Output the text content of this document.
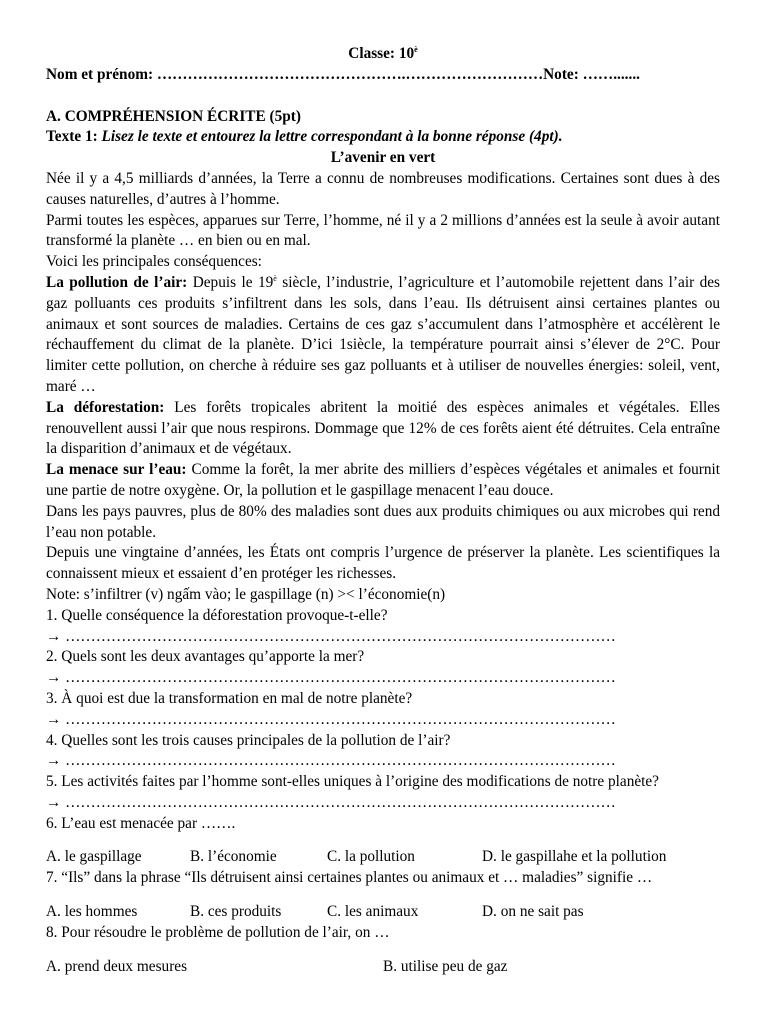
Classe: $10^è$
Nom et prénom: ………………………………………….………………………Note: …….......
A. COMPRÉHENSION ÉCRITE (5pt)
Texte 1: Lisez le texte et entourez la lettre correspondant à la bonne réponse (4pt).
L’avenir en vert

Née il y a 4,5 milliards d’années, la Terre a connu de nombreuses modifications. Certaines sont dues à des causes naturelles, d’autres à l’homme.

Parmi toutes les espèces, apparues sur Terre, l’homme, né il y a 2 millions d’années est la seule à avoir autant transformé la planète … en bien ou en mal.

Voici les principales conséquences:

La pollution de l’air: Depuis le $19^è$ siècle, l’industrie, l’agriculture et l’automobile rejettent dans l’air des gaz polluants ces produits s’infiltrent dans les sols, dans l’eau. Ils détruisent ainsi certaines plantes ou animaux et sont sources de maladies. Certains de ces gaz s’accumulent dans l’atmosphère et accélèrent le réchauffement du climat de la planète. D’ici 1siècle, la température pourrait ainsi s’élever de 2°C. Pour limiter cette pollution, on cherche à réduire ses gaz polluants et à utiliser de nouvelles énergies: soleil, vent, maré …

La déforestation: Les forêts tropicales abritent la moitié des espèces animales et végétales. Elles renouvellent aussi l’air que nous respirons. Dommage que 12% de ces forêts aient été détruites. Cela entraîne la disparition d’animaux et de végétaux.

La menace sur l’eau: Comme la forêt, la mer abrite des milliers d’espèces végétales et animales et fournit une partie de notre oxygène. Or, la pollution et le gaspillage menacent l’eau douce.

Dans les pays pauvres, plus de 80% des maladies sont dues aux produits chimiques ou aux microbes qui rend l’eau non potable.

Depuis une vingtaine d’années, les États ont compris l’urgence de préserver la planète. Les scientifiques la connaissent mieux et essaient d’en protéger les richesses.

Note: s’infiltrer (v) ngấm vào; le gaspillage (n) >< l’économie(n)
1. Quelle conséquence la déforestation provoque-t-elle?
→ ………………………………………………………………………………………………
2. Quels sont les deux avantages qu’apporte la mer?
→ ………………………………………………………………………………………………
3. À quoi est due la transformation en mal de notre planète?
→ ………………………………………………………………………………………………
4. Quelles sont les trois causes principales de la pollution de l’air?
→ ………………………………………………………………………………………………
5. Les activités faites par l’homme sont-elles uniques à l’origine des modifications de notre planète?
→ ………………………………………………………………………………………………
6. L’eau est menacée par …….
A. le gaspillage	B. l’économie	C. la pollution	D. le gaspillahe et la pollution
7. “Ils” dans la phrase “Ils détruisent ainsi certaines plantes ou animaux et … maladies” signifie …
A. les hommes	B. ces produits	C. les animaux	D. on ne sait pas
8. Pour résoudre le problème de pollution de l’air, on …
A. prend deux mesures	B. utilise peu de gaz
